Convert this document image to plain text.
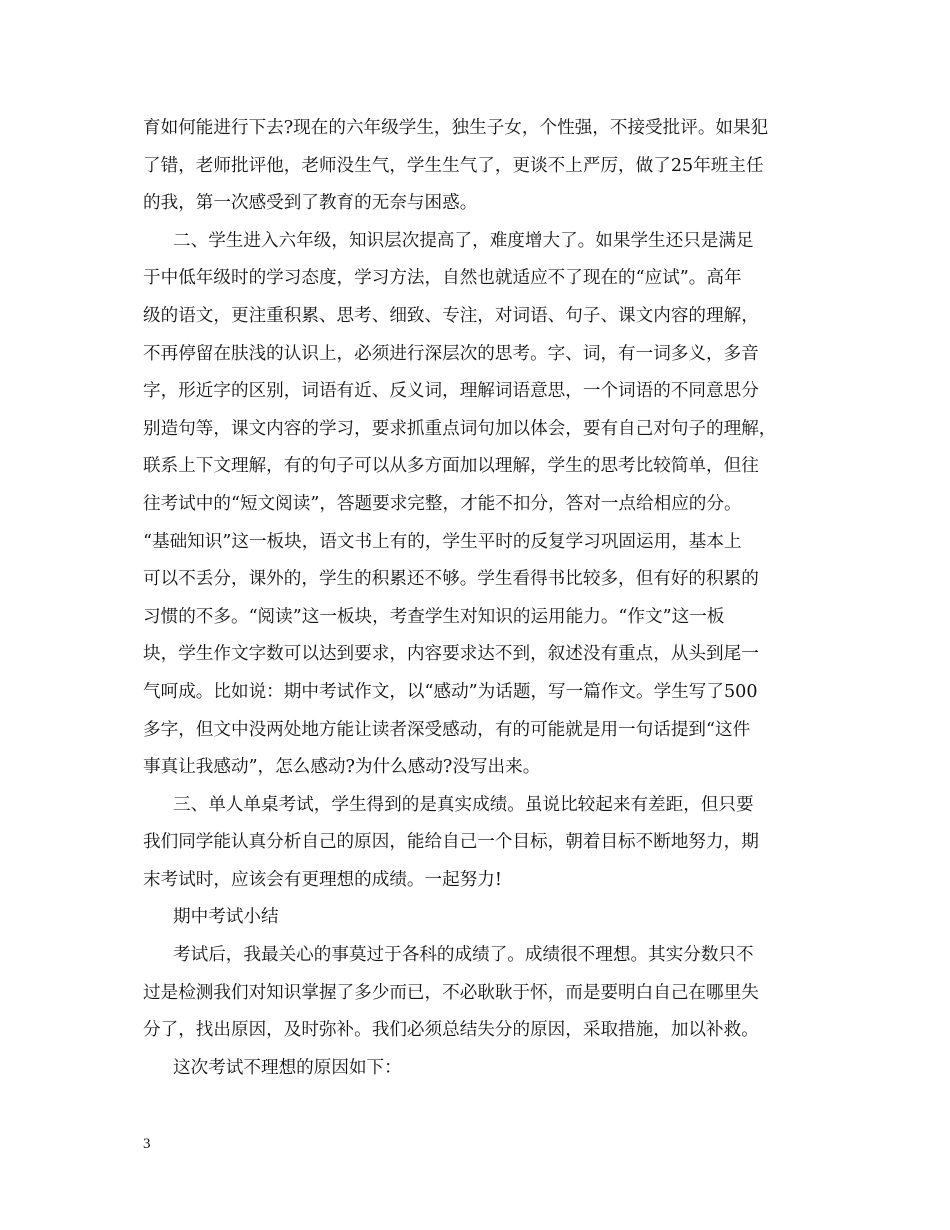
育如何能进行下去?现在的六年级学生，独生子女，个性强，不接受批评。如果犯
了错，老师批评他，老师没生气，学生生气了，更谈不上严厉，做了25年班主任
的我，第一次感受到了教育的无奈与困惑。
二、学生进入六年级，知识层次提高了，难度增大了。如果学生还只是满足
于中低年级时的学习态度，学习方法，自然也就适应不了现在的“应试”。高年
级的语文，更注重积累、思考、细致、专注，对词语、句子、课文内容的理解，
不再停留在肤浅的认识上，必须进行深层次的思考。字、词，有一词多义，多音
字，形近字的区别，词语有近、反义词，理解词语意思，一个词语的不同意思分
别造句等，课文内容的学习，要求抓重点词句加以体会，要有自己对句子的理解，
联系上下文理解，有的句子可以从多方面加以理解，学生的思考比较简单，但往
往考试中的“短文阅读”，答题要求完整，才能不扣分，答对一点给相应的分。
“基础知识”这一板块，语文书上有的，学生平时的反复学习巩固运用，基本上
可以不丢分，课外的，学生的积累还不够。学生看得书比较多，但有好的积累的
习惯的不多。“阅读”这一板块，考查学生对知识的运用能力。“作文”这一板
块，学生作文字数可以达到要求，内容要求达不到，叙述没有重点，从头到尾一
气呵成。比如说：期中考试作文，以“感动”为话题，写一篇作文。学生写了500
多字，但文中没两处地方能让读者深受感动，有的可能就是用一句话提到“这件
事真让我感动”，怎么感动?为什么感动?没写出来。
三、单人单桌考试，学生得到的是真实成绩。虽说比较起来有差距，但只要
我们同学能认真分析自己的原因，能给自己一个目标，朝着目标不断地努力，期
末考试时，应该会有更理想的成绩。一起努力!
期中考试小结
考试后，我最关心的事莫过于各科的成绩了。成绩很不理想。其实分数只不
过是检测我们对知识掌握了多少而已，不必耿耿于怀，而是要明白自己在哪里失
分了，找出原因，及时弥补。我们必须总结失分的原因，采取措施，加以补救。
这次考试不理想的原因如下：
3
